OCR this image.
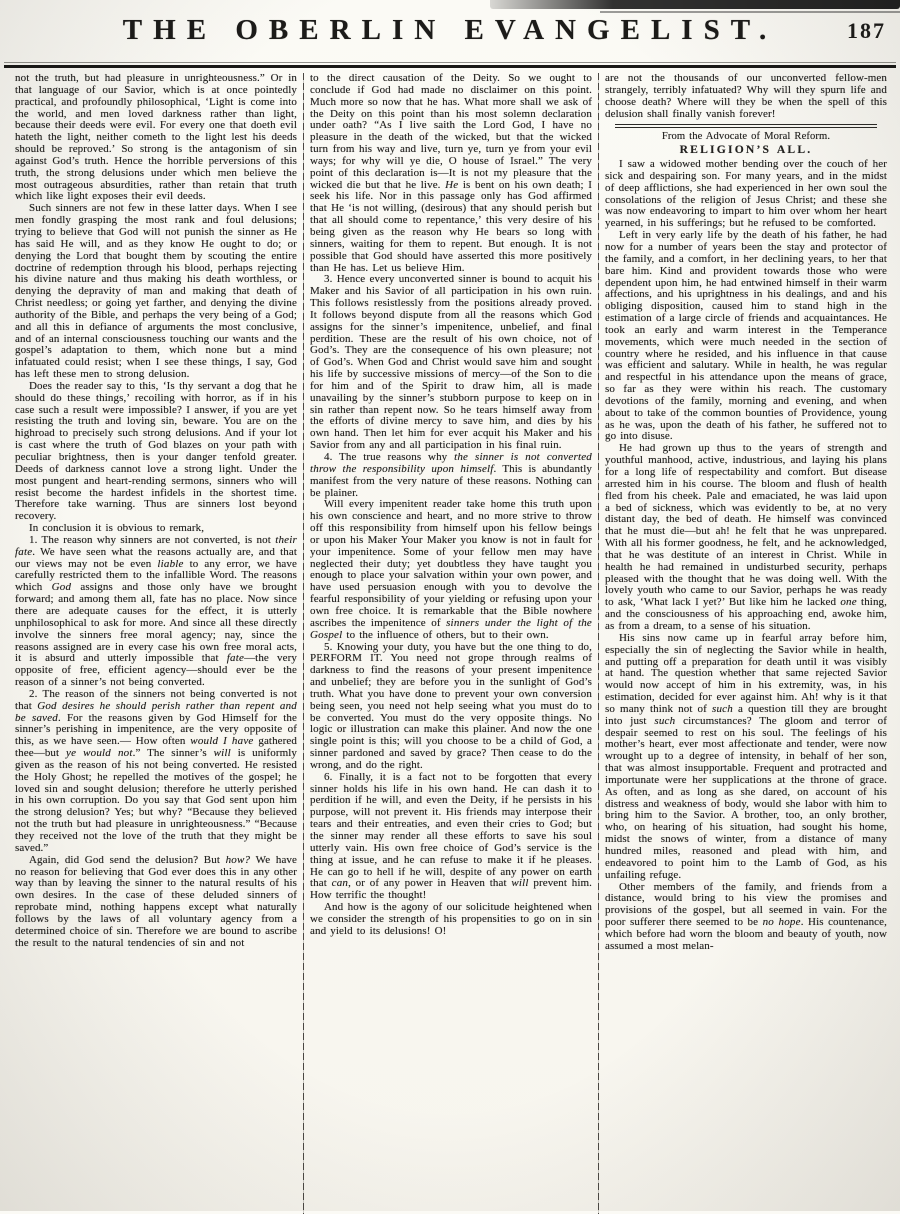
THE OBERLIN EVANGELIST.	187

not the truth, but had pleasure in unrighteousness.” Or in that language of our Savior, which is at once pointedly practical, and profoundly philosophical, ‘Light is come into the world, and men loved darkness rather than light, because their deeds were evil. For every one that doeth evil hateth the light, neither cometh to the light lest his deeds should be reproved.’ So strong is the antagonism of sin against God’s truth. Hence the horrible perversions of this truth, the strong delusions under which men believe the most outrageous absurdities, rather than retain that truth which like light exposes their evil deeds.

Such sinners are not few in these latter days. When I see men fondly grasping the most rank and foul delusions; trying to believe that God will not punish the sinner as He has said He will, and as they know He ought to do; or denying the Lord that bought them by scouting the entire doctrine of redemption through his blood, perhaps rejecting his divine nature and thus making his death worthless, or denying the depravity of man and making that death of Christ needless; or going yet farther, and denying the divine authority of the Bible, and perhaps the very being of a God; and all this in defiance of arguments the most conclusive, and of an internal consciousness touching our wants and the gospel’s adaptation to them, which none but a mind infatuated could resist; when I see these things, I say, God has left these men to strong delusion.

Does the reader say to this, ‘Is thy servant a dog that he should do these things,’ recoiling with horror, as if in his case such a result were impossible? I answer, if you are yet resisting the truth and loving sin, beware. You are on the highroad to precisely such strong delusions. And if your lot is cast where the truth of God blazes on your path with peculiar brightness, then is your danger tenfold greater. Deeds of darkness cannot love a strong light. Under the most pungent and heart-rending sermons, sinners who will resist become the hardest infidels in the shortest time. Therefore take warning. Thus are sinners lost beyond recovery.

In conclusion it is obvious to remark,

1. The reason why sinners are not converted, is not their fate. We have seen what the reasons actually are, and that our views may not be even liable to any error, we have carefully restricted them to the infallible Word. The reasons which God assigns and those only have we brought forward; and among them all, fate has no place. Now since there are adequate causes for the effect, it is utterly unphilosophical to ask for more. And since all these directly involve the sinners free moral agency; nay, since the reasons assigned are in every case his own free moral acts, it is absurd and utterly impossible that fate—the very opposite of free, efficient agency—should ever be the reason of a sinner’s not being converted.

2. The reason of the sinners not being converted is not that God desires he should perish rather than repent and be saved. For the reasons given by God Himself for the sinner’s perishing in impenitence, are the very opposite of this, as we have seen.— How often would I have gathered thee—but ye would not.” The sinner’s will is uniformly given as the reason of his not being converted. He resisted the Holy Ghost; he repelled the motives of the gospel; he loved sin and sought delusion; therefore he utterly perished in his own corruption. Do you say that God sent upon him the strong delusion? Yes; but why? “Because they believed not the truth but had pleasure in unrighteousness.” “Because they received not the love of the truth that they might be saved.”

Again, did God send the delusion? But how? We have no reason for believing that God ever does this in any other way than by leaving the sinner to the natural results of his own desires. In the case of these deluded sinners of reprobate mind, nothing happens except what naturally follows by the laws of all voluntary agency from a determined choice of sin. Therefore we are bound to ascribe the result to the natural tendencies of sin and not

to the direct causation of the Deity. So we ought to conclude if God had made no disclaimer on this point. Much more so now that he has. What more shall we ask of the Deity on this point than his most solemn declaration under oath? “As I live saith the Lord God, I have no pleasure in the death of the wicked, but that the wicked turn from his way and live, turn ye, turn ye from your evil ways; for why will ye die, O house of Israel.” The very point of this declaration is—It is not my pleasure that the wicked die but that he live. He is bent on his own death; I seek his life. Nor in this passage only has God affirmed that He ‘is not willing, (desirous) that any should perish but that all should come to repentance,’ this very desire of his being given as the reason why He bears so long with sinners, waiting for them to repent. But enough. It is not possible that God should have asserted this more positively than He has. Let us believe Him.

3. Hence every unconverted sinner is bound to acquit his Maker and his Savior of all participation in his own ruin. This follows resistlessly from the positions already proved. It follows beyond dispute from all the reasons which God assigns for the sinner’s impenitence, unbelief, and final perdition. These are the result of his own choice, not of God’s. They are the consequence of his own pleasure; not of God’s. When God and Christ would save him and sought his life by successive missions of mercy—of the Son to die for him and of the Spirit to draw him, all is made unavailing by the sinner’s stubborn purpose to keep on in sin rather than repent now. So he tears himself away from the efforts of divine mercy to save him, and dies by his own hand. Then let him for ever acquit his Maker and his Savior from any and all participation in his final ruin.

4. The true reasons why the sinner is not converted throw the responsibility upon himself. This is abundantly manifest from the very nature of these reasons. Nothing can be plainer.

Will every impenitent reader take home this truth upon his own conscience and heart, and no more strive to throw off this responsibility from himself upon his fellow beings or upon his Maker Your Maker you know is not in fault for your impenitence. Some of your fellow men may have neglected their duty; yet doubtless they have taught you enough to place your salvation within your own power, and have used persuasion enough with you to devolve the fearful responsibility of your yielding or refusing upon your own free choice. It is remarkable that the Bible nowhere ascribes the impenitence of sinners under the light of the Gospel to the influence of others, but to their own.

5. Knowing your duty, you have but the one thing to do, PERFORM IT. You need not grope through realms of darkness to find the reasons of your present impenitence and unbelief; they are before you in the sunlight of God’s truth. What you have done to prevent your own conversion being seen, you need not help seeing what you must do to be converted. You must do the very opposite things. No logic or illustration can make this plainer. And now the one single point is this; will you choose to be a child of God, a sinner pardoned and saved by grace? Then cease to do the wrong, and do the right.

6. Finally, it is a fact not to be forgotten that every sinner holds his life in his own hand. He can dash it to perdition if he will, and even the Deity, if he persists in his purpose, will not prevent it. His friends may interpose their tears and their entreaties, and even their cries to God; but the sinner may render all these efforts to save his soul utterly vain. His own free choice of God’s service is the thing at issue, and he can refuse to make it if he pleases. He can go to hell if he will, despite of any power on earth that can, or of any power in Heaven that will prevent him. How terrific the thought!

And how is the agony of our solicitude heightened when we consider the strength of his propensities to go on in sin and yield to its delusions! O!

are not the thousands of our unconverted fellow-men strangely, terribly infatuated? Why will they spurn life and choose death? Where will they be when the spell of this delusion shall finally vanish forever!

From the Advocate of Moral Reform.
RELIGION’S ALL.

I saw a widowed mother bending over the couch of her sick and despairing son. For many years, and in the midst of deep afflictions, she had experienced in her own soul the consolations of the religion of Jesus Christ; and these she was now endeavoring to impart to him over whom her heart yearned, in his sufferings; but he refused to be comforted.

Left in very early life by the death of his father, he had now for a number of years been the stay and protector of the family, and a comfort, in her declining years, to her that bare him. Kind and provident towards those who were dependent upon him, he had entwined himself in their warm affections, and his uprightness in his dealings, and and his obliging disposition, caused him to stand high in the estimation of a large circle of friends and acquaintances. He took an early and warm interest in the Temperance movements, which were much needed in the section of country where he resided, and his influence in that cause was efficient and salutary. While in health, he was regular and respectful in his attendance upon the means of grace, so far as they were within his reach. The customary devotions of the family, morning and evening, and when about to take of the common bounties of Providence, young as he was, upon the death of his father, he suffered not to go into disuse.

He had grown up thus to the years of strength and youthful manhood, active, industrious, and laying his plans for a long life of respectability and comfort. But disease arrested him in his course. The bloom and flush of health fled from his cheek. Pale and emaciated, he was laid upon a bed of sickness, which was evidently to be, at no very distant day, the bed of death. He himself was convinced that he must die—but ah! he felt that he was unprepared. With all his former goodness, he felt, and he acknowledged, that he was destitute of an interest in Christ. While in health he had remained in undisturbed security, perhaps pleased with the thought that he was doing well. With the lovely youth who came to our Savior, perhaps he was ready to ask, ‘What lack I yet?’ But like him he lacked one thing, and the consciousness of his approaching end, awoke him, as from a dream, to a sense of his situation.

His sins now came up in fearful array before him, especially the sin of neglecting the Savior while in health, and putting off a preparation for death until it was visibly at hand. The question whether that same rejected Savior would now accept of him in his extremity, was, in his estimation, decided for ever against him. Ah! why is it that so many think not of such a question till they are brought into just such circumstances? The gloom and terror of despair seemed to rest on his soul. The feelings of his mother’s heart, ever most affectionate and tender, were now wrought up to a degree of intensity, in behalf of her son, that was almost insupportable. Frequent and protracted and importunate were her supplications at the throne of grace. As often, and as long as she dared, on account of his distress and weakness of body, would she labor with him to bring him to the Savior. A brother, too, an only brother, who, on hearing of his situation, had sought his home, midst the snows of winter, from a distance of many hundred miles, reasoned and plead with him, and endeavored to point him to the Lamb of God, as his unfailing refuge.

Other members of the family, and friends from a distance, would bring to his view the promises and provisions of the gospel, but all seemed in vain. For the poor sufferer there seemed to be no hope. His countenance, which before had worn the bloom and beauty of youth, now assumed a most melan-
